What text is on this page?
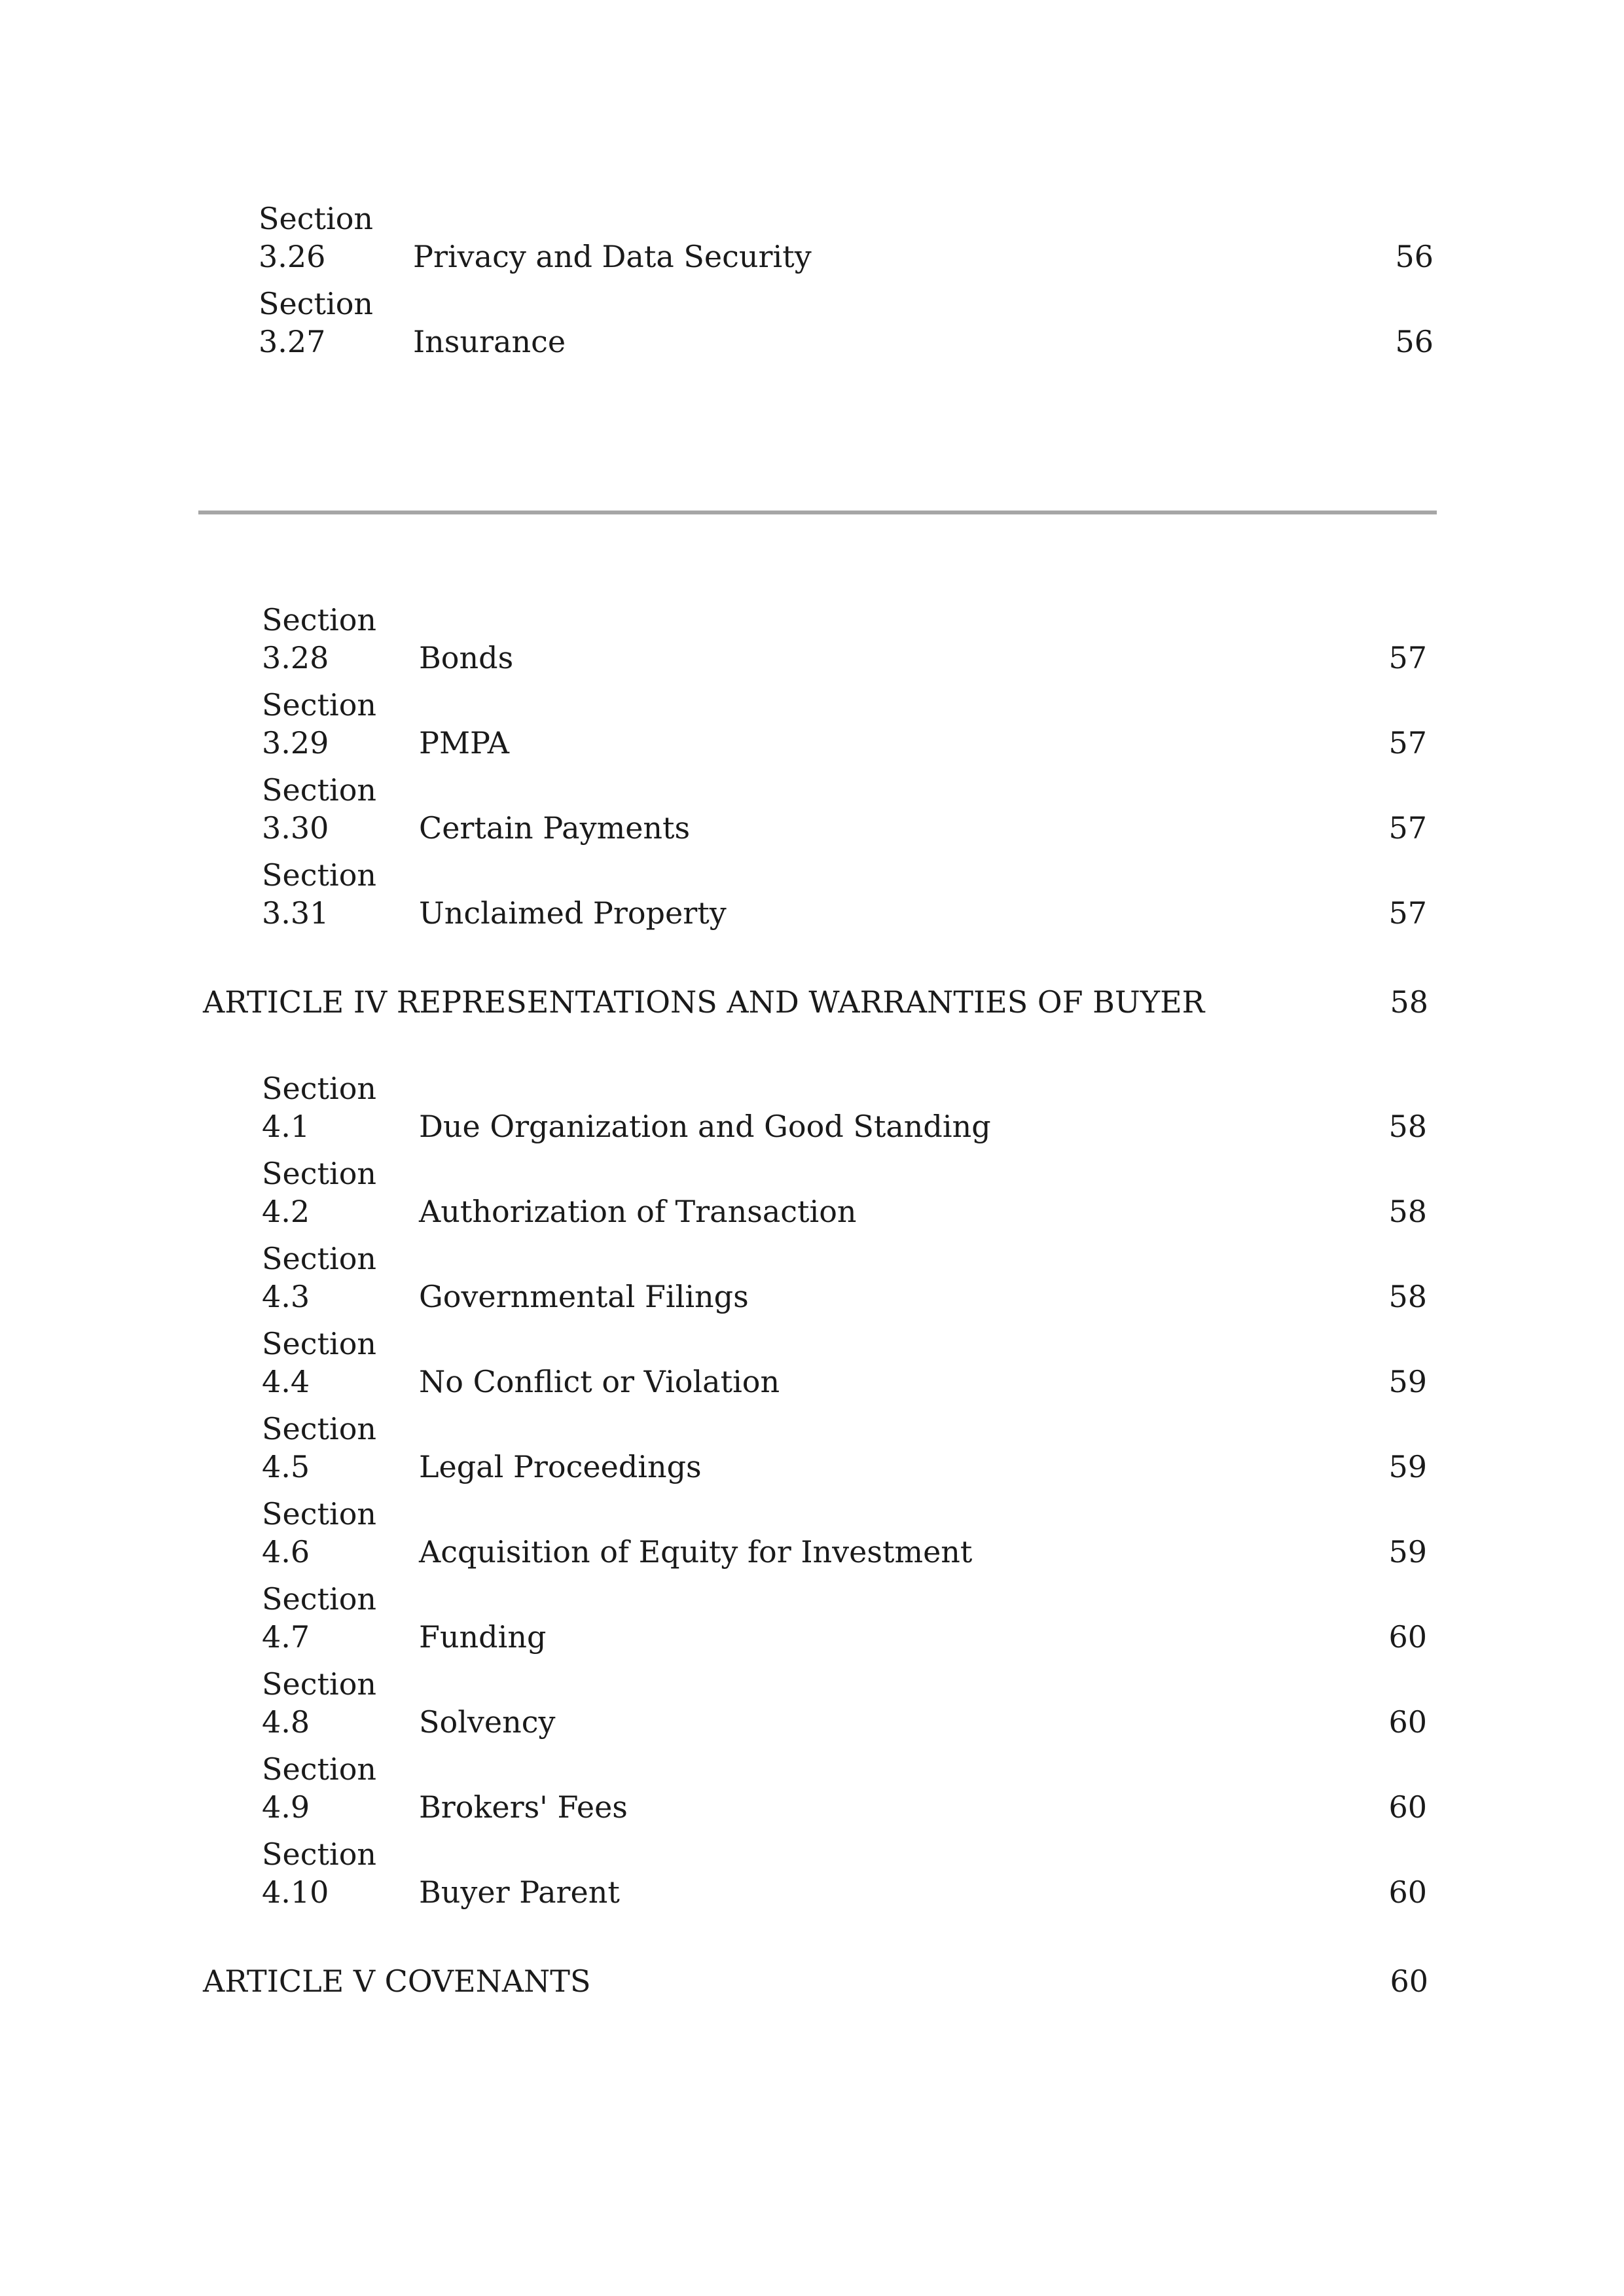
Section
3.26	Privacy and Data Security	56
Section
3.27	Insurance	56
Section
3.28	Bonds	57
Section
3.29	PMPA	57
Section
3.30	Certain Payments	57
Section
3.31	Unclaimed Property	57
ARTICLE IV REPRESENTATIONS AND WARRANTIES OF BUYER	58
Section
4.1	Due Organization and Good Standing	58
Section
4.2	Authorization of Transaction	58
Section
4.3	Governmental Filings	58
Section
4.4	No Conflict or Violation	59
Section
4.5	Legal Proceedings	59
Section
4.6	Acquisition of Equity for Investment	59
Section
4.7	Funding	60
Section
4.8	Solvency	60
Section
4.9	Brokers' Fees	60
Section
4.10	Buyer Parent	60
ARTICLE V COVENANTS	60
